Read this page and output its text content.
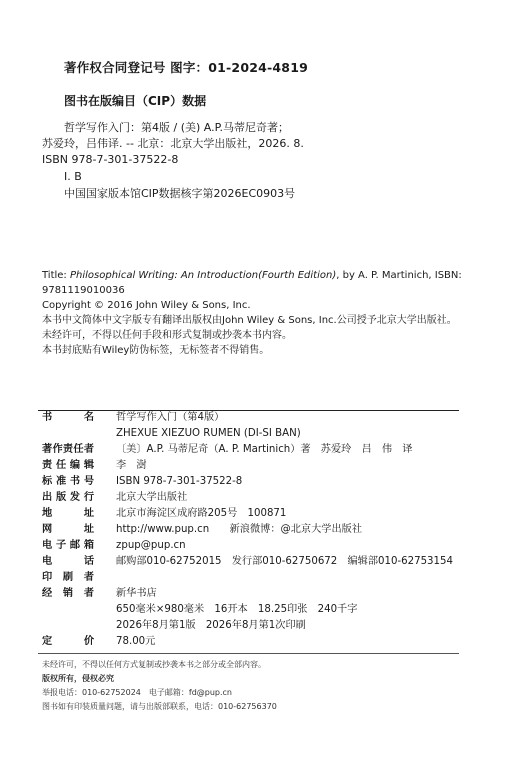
著作权合同登记号 图字：01-2024-4819
图书在版编目（CIP）数据
哲学写作入门：第4版 / (美) A.P.马蒂尼奇著；
苏爱玲，吕伟译. -- 北京：北京大学出版社，2026. 8.
ISBN 978-7-301-37522-8
Ⅰ. B
中国国家版本馆CIP数据核字第2026EC0903号
Title: Philosophical Writing: An Introduction(Fourth Edition), by A. P. Martinich, ISBN: 9781119010036
Copyright © 2016 John Wiley & Sons, Inc.
本书中文简体中文字版专有翻译出版权由John Wiley & Sons, Inc.公司授予北京大学出版社。未经许可，不得以任何手段和形式复制或抄袭本书内容。
本书封底贴有Wiley防伪标签，无标签者不得销售。
书	名 哲学写作入门（第4版）
ZHEXUE XIEZUO RUMEN (DI-SI BAN)
著 作 责 任 者 〔美〕A.P. 马蒂尼奇（A. P. Martinich）著　苏爱玲　吕　伟　译
责 任 编 辑 李　澍
标 准 书 号 ISBN 978-7-301-37522-8
出 版 发 行 北京大学出版社
地	址 北京市海淀区成府路205号　100871
网	址 http://www.pup.cn　　新浪微博：@北京大学出版社
电 子 邮 箱 zpup@pup.cn
电	话 邮购部010-62752015　发行部010-62750672　编辑部010-62753154
印 刷 者
经 销 者 新华书店
650毫米×980毫米　16开本　18.25印张　240千字
2026年8月第1版　2026年8月第1次印刷
定	价 78.00元
未经许可，不得以任何方式复制或抄袭本书之部分或全部内容。
版权所有，侵权必究
举报电话：010-62752024　电子邮箱：fd@pup.cn
图书如有印装质量问题，请与出版部联系，电话：010-62756370
